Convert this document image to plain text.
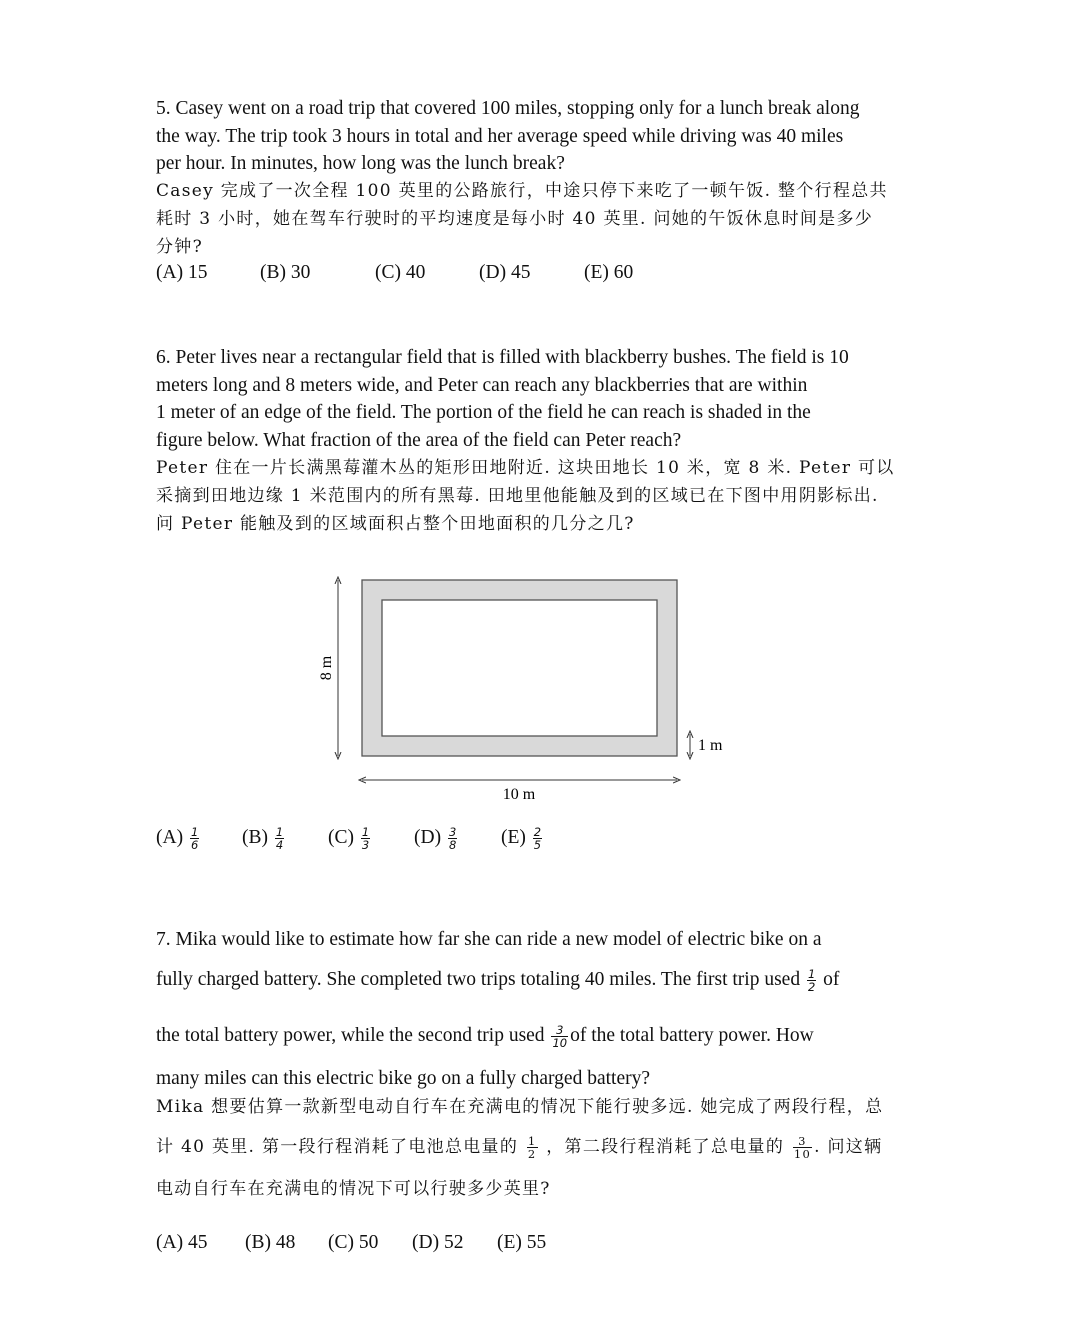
5. Casey went on a road trip that covered 100 miles, stopping only for a lunch break along
the way. The trip took 3 hours in total and her average speed while driving was 40 miles
per hour. In minutes, how long was the lunch break?
Casey 完成了一次全程 100 英里的公路旅行，中途只停下来吃了一顿午饭. 整个行程总共
耗时 3 小时，她在驾车行驶时的平均速度是每小时 40 英里. 问她的午饭休息时间是多少
分钟?
(A) 15	(B) 30	(C) 40	(D) 45	(E) 60
6. Peter lives near a rectangular field that is filled with blackberry bushes. The field is 10
meters long and 8 meters wide, and Peter can reach any blackberries that are within
1 meter of an edge of the field. The portion of the field he can reach is shaded in the
figure below. What fraction of the area of the field can Peter reach?
Peter 住在一片长满黑莓灌木丛的矩形田地附近. 这块田地长 10 米，宽 8 米. Peter 可以
采摘到田地边缘 1 米范围内的所有黑莓. 田地里他能触及到的区域已在下图中用阴影标出.
问 Peter 能触及到的区域面积占整个田地面积的几分之几?
8 m
10 m
1 m
$(A) \frac{1}{6} (B) \frac{1}{4} (C) \frac{1}{3} (D) \frac{3}{8} (E) \frac{2}{5}$
7. Mika would like to estimate how far she can ride a new model of electric bike on a
fully charged battery. She completed two trips totaling 40 miles. The first trip used $\frac{1}{2}$ of
the total battery power, while the second trip used $\frac{3}{10}$ of the total battery power. How
many miles can this electric bike go on a fully charged battery?
Mika 想要估算一款新型电动自行车在充满电的情况下能行驶多远. 她完成了两段行程，总
计 40 英里. 第一段行程消耗了电池总电量的 $\frac{1}{2}$ ，第二段行程消耗了总电量的 $\frac{3}{10}$ . 问这辆
电动自行车在充满电的情况下可以行驶多少英里?
(A) 45 (B) 48 (C) 50 (D) 52 (E) 55
